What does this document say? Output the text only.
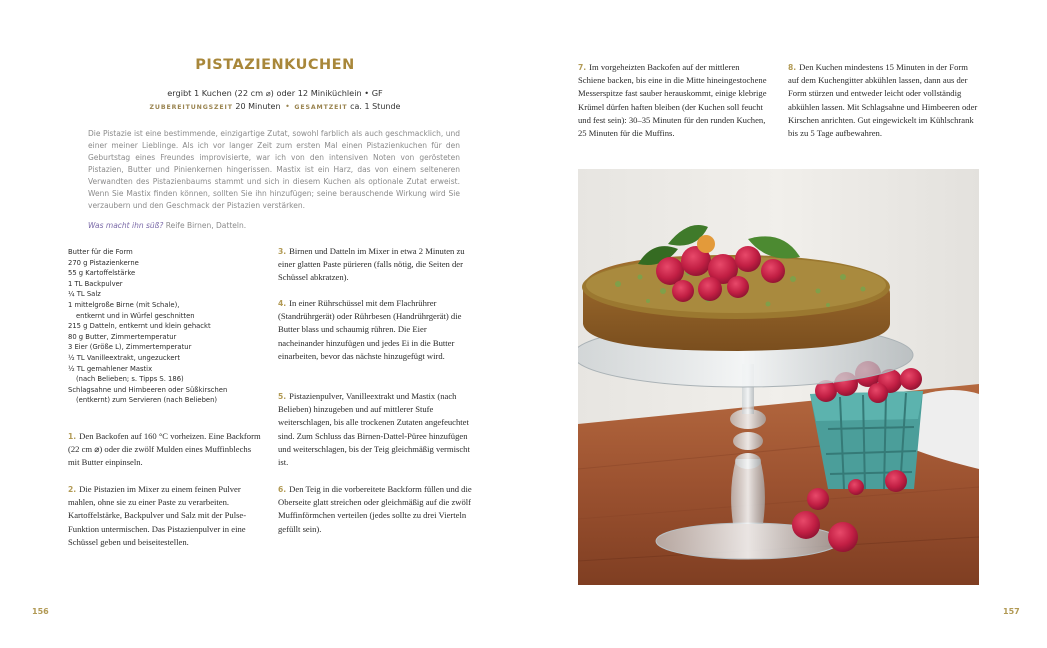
PISTAZIENKUCHEN
ergibt 1 Kuchen (22 cm ⌀) oder 12 Miniküchlein • GF
ZUBEREITUNGSZEIT 20 Minuten • GESAMTZEIT ca. 1 Stunde

Die Pistazie ist eine bestimmende, einzigartige Zutat, sowohl farblich als auch geschmacklich, und einer meiner Lieblinge. Als ich vor langer Zeit zum ersten Mal einen Pistazienkuchen für den Geburtstag eines Freundes improvisierte, war ich von den intensiven Noten von gerösteten Pistazien, Butter und Pinienkernen hingerissen. Mastix ist ein Harz, das von einem selteneren Verwandten des Pistazienbaums stammt und sich in diesem Kuchen als optionale Zutat erweist. Wenn Sie Mastix finden können, sollten Sie ihn hinzufügen; seine berauschende Wirkung wird Sie verzaubern und den Geschmack der Pistazien verstärken.

Was macht ihn süß? Reife Birnen, Datteln.
Butter für die Form
270 g Pistazienkerne
55 g Kartoffelstärke
1 TL Backpulver
¼ TL Salz
1 mittelgroße Birne (mit Schale),
entkernt und in Würfel geschnitten
215 g Datteln, entkernt und klein gehackt
80 g Butter, Zimmertemperatur
3 Eier (Größe L), Zimmertemperatur
½ TL Vanilleextrakt, ungezuckert
½ TL gemahlener Mastix
(nach Belieben; s. Tipps S. 186)
Schlagsahne und Himbeeren oder Süßkirschen
(entkernt) zum Servieren (nach Belieben)
1. Den Backofen auf 160 °C vorheizen. Eine Backform (22 cm ⌀) oder die zwölf Mulden eines Muffinblechs mit Butter einpinseln.
2. Die Pistazien im Mixer zu einem feinen Pulver mahlen, ohne sie zu einer Paste zu verarbeiten. Kartoffelstärke, Backpulver und Salz mit der Pulse-Funktion untermischen. Das Pistazienpulver in eine Schüssel geben und beiseitestellen.
3. Birnen und Datteln im Mixer in etwa 2 Minuten zu einer glatten Paste pürieren (falls nötig, die Seiten der Schüssel abkratzen).
4. In einer Rührschüssel mit dem Flachrührer (Standrührgerät) oder Rührbesen (Handrührgerät) die Butter blass und schaumig rühren. Die Eier nacheinander hinzufügen und jedes Ei in die Butter einarbeiten, bevor das nächste hinzugefügt wird.
5. Pistazienpulver, Vanilleextrakt und Mastix (nach Belieben) hinzugeben und auf mittlerer Stufe weiterschlagen, bis alle trockenen Zutaten angefeuchtet sind. Zum Schluss das Birnen-Dattel-Püree hinzufügen und weiterschlagen, bis der Teig gleichmäßig vermischt ist.
6. Den Teig in die vorbereitete Backform füllen und die Oberseite glatt streichen oder gleichmäßig auf die zwölf Muffinförmchen verteilen (jedes sollte zu drei Vierteln gefüllt sein).
156
7. Im vorgeheizten Backofen auf der mittleren Schiene backen, bis eine in die Mitte hineingestochene Messerspitze fast sauber herauskommt, einige klebrige Krümel dürfen haften bleiben (der Kuchen soll feucht und fest sein): 30–35 Minuten für den runden Kuchen, 25 Minuten für die Muffins.
8. Den Kuchen mindestens 15 Minuten in der Form auf dem Kuchengitter abkühlen lassen, dann aus der Form stürzen und entweder leicht oder vollständig abkühlen lassen. Mit Schlagsahne und Himbeeren oder Kirschen anrichten. Gut eingewickelt im Kühlschrank bis zu 5 Tage aufbewahren.
157
